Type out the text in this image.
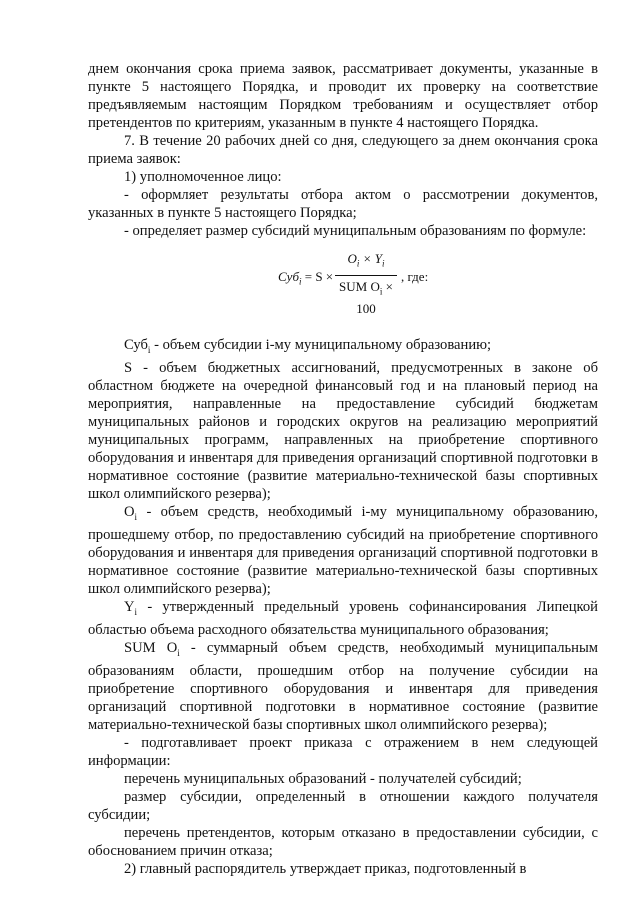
днем окончания срока приема заявок, рассматривает документы, указанные в пункте 5 настоящего Порядка, и проводит их проверку на соответствие предъявляемым настоящим Порядком требованиям и осуществляет отбор претендентов по критериям, указанным в пункте 4 настоящего Порядка.

7. В течение 20 рабочих дней со дня, следующего за днем окончания срока приема заявок:

1) уполномоченное лицо:

- оформляет результаты отбора актом о рассмотрении документов, указанных в пункте 5 настоящего Порядка;

- определяет размер субсидий муниципальным образованиям по формуле:

Суб$_i$ = S ×
$O_i \times Y_i$
SUM $O_i \times 100$
, где:

Суб$_i$ - объем субсидии i-му муниципальному образованию;

S - объем бюджетных ассигнований, предусмотренных в законе об областном бюджете на очередной финансовый год и на плановый период на мероприятия, направленные на предоставление субсидий бюджетам муниципальных районов и городских округов на реализацию мероприятий муниципальных программ, направленных на приобретение спортивного оборудования и инвентаря для приведения организаций спортивной подготовки в нормативное состояние (развитие материально-технической базы спортивных школ олимпийского резерва);

$O_i$ - объем средств, необходимый i-му муниципальному образованию, прошедшему отбор, по предоставлению субсидий на приобретение спортивного оборудования и инвентаря для приведения организаций спортивной подготовки в нормативное состояние (развитие материально-технической базы спортивных школ олимпийского резерва);

$Y_i$ - утвержденный предельный уровень софинансирования Липецкой областью объема расходного обязательства муниципального образования;

SUM $O_i$ - суммарный объем средств, необходимый муниципальным образованиям области, прошедшим отбор на получение субсидии на приобретение спортивного оборудования и инвентаря для приведения организаций спортивной подготовки в нормативное состояние (развитие материально-технической базы спортивных школ олимпийского резерва);

- подготавливает проект приказа с отражением в нем следующей информации:

перечень муниципальных образований - получателей субсидий;

размер субсидии, определенный в отношении каждого получателя субсидии;

перечень претендентов, которым отказано в предоставлении субсидии, с обоснованием причин отказа;

2) главный распорядитель утверждает приказ, подготовленный в
